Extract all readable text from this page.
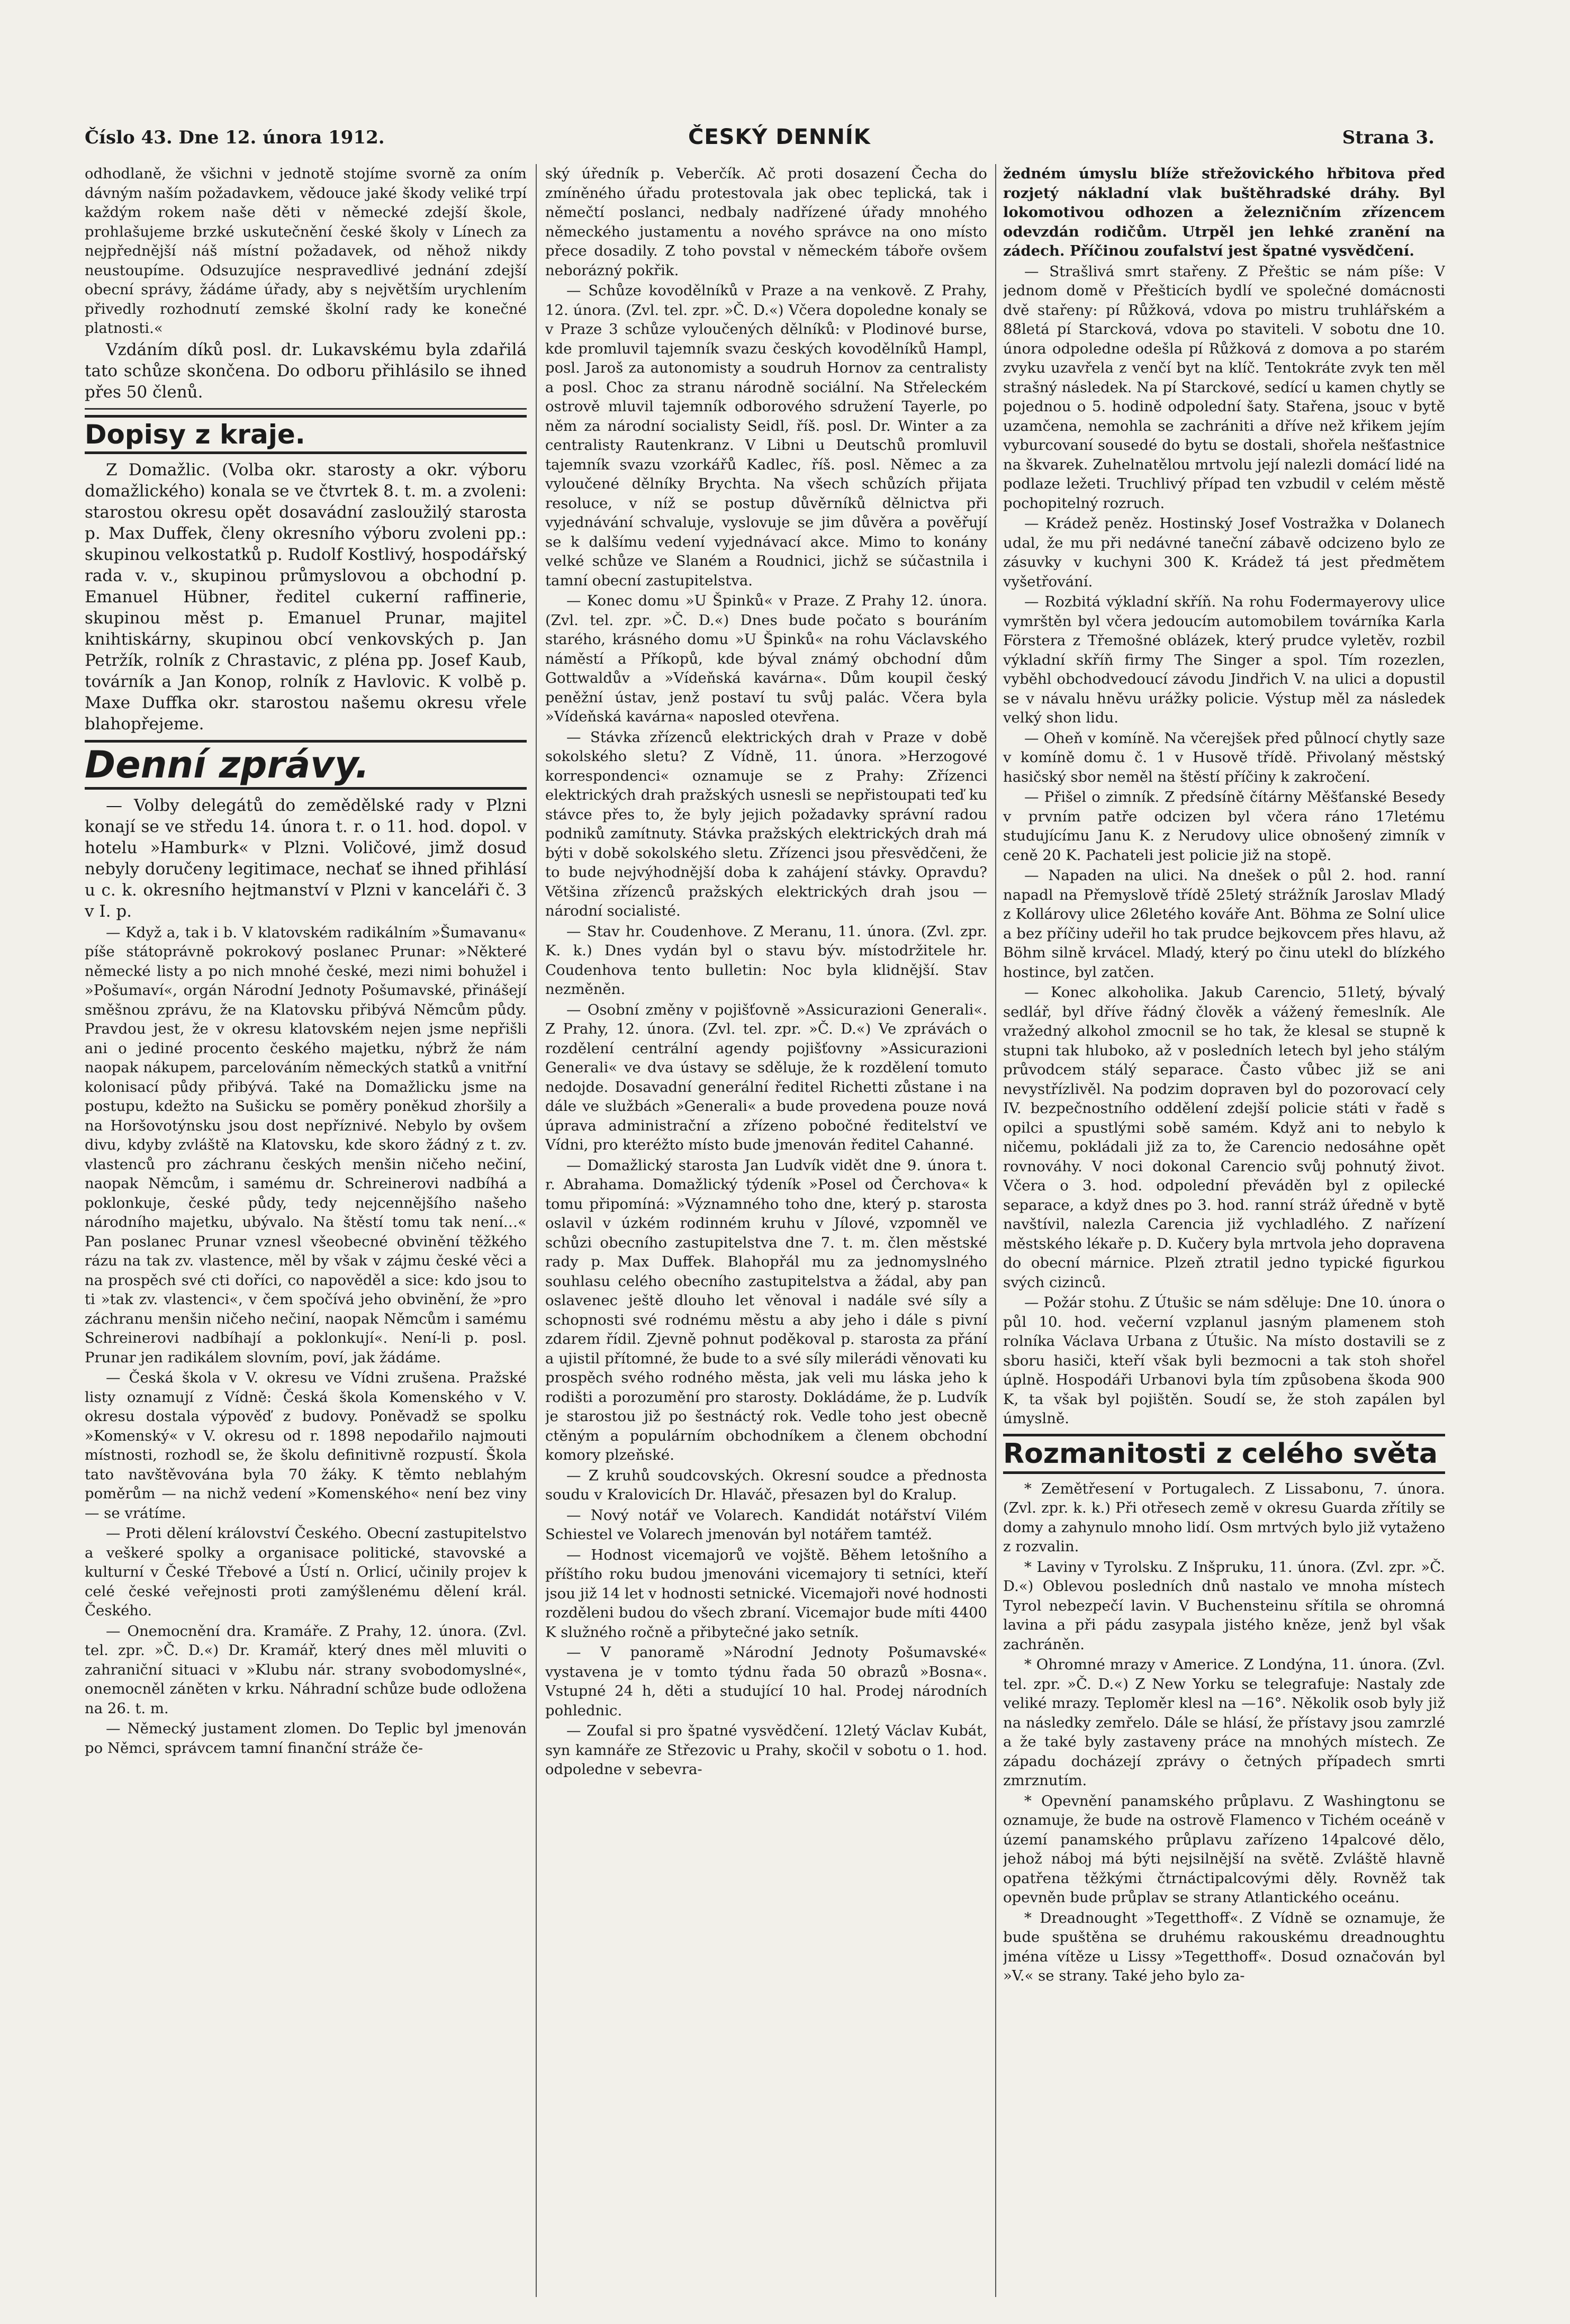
Číslo 43. Dne 12. února 1912.	ČESKÝ DENNÍK	Strana 3.

odhodlaně, že všichni v jednotě stojíme svorně za oním dávným naším požadavkem, vědouce jaké škody veliké trpí každým rokem naše děti v německé zdejší škole, prohlašujeme brzké uskutečnění české školy v Línech za nejpřednější náš místní požadavek, od něhož nikdy neustoupíme. Odsuzujíce nespravedlivé jednání zdejší obecní správy, žádáme úřady, aby s největším urychlením přivedly rozhodnutí zemské školní rady ke konečné platnosti.«

Vzdáním díků posl. dr. Lukavskému byla zdařilá tato schůze skončena. Do odboru přihlásilo se ihned přes 50 členů.

Dopisy z kraje.

Z Domažlic. (Volba okr. starosty a okr. výboru domažlického) konala se ve čtvrtek 8. t. m. a zvoleni: starostou okresu opět dosavádní zasloužilý starosta p. Max Duffek, členy okresního výboru zvoleni pp.: skupinou velkostatků p. Rudolf Kostlivý, hospodářský rada v. v., skupinou průmyslovou a obchodní p. Emanuel Hübner, ředitel cukerní raffinerie, skupinou měst p. Emanuel Prunar, majitel knihtiskárny, skupinou obcí venkovských p. Jan Petržík, rolník z Chrastavic, z pléna pp. Josef Kaub, továrník a Jan Konop, rolník z Havlovic. K volbě p. Maxe Duffka okr. starostou našemu okresu vřele blahopřejeme.

Denní zprávy.

— Volby delegátů do zemědělské rady v Plzni konají se ve středu 14. února t. r. o 11. hod. dopol. v hotelu »Hamburk« v Plzni. Voličové, jimž dosud nebyly doručeny legitimace, nechať se ihned přihlásí u c. k. okresního hejtmanství v Plzni v kanceláři č. 3 v I. p.

— Když a, tak i b. V klatovském radikálním »Šumavanu« píše státoprávně pokrokový poslanec Prunar: »Některé německé listy a po nich mnohé české, mezi nimi bohužel i »Pošumaví«, orgán Národní Jednoty Pošumavské, přinášejí směšnou zprávu, že na Klatovsku přibývá Němcům půdy. Pravdou jest, že v okresu klatovském nejen jsme nepřišli ani o jediné procento českého majetku, nýbrž že nám naopak nákupem, parcelováním německých statků a vnitřní kolonisací půdy přibývá. Také na Domažlicku jsme na postupu, kdežto na Sušicku se poměry poněkud zhoršily a na Horšovotýnsku jsou dost nepříznivé. Nebylo by ovšem divu, kdyby zvláště na Klatovsku, kde skoro žádný z t. zv. vlastenců pro záchranu českých menšin ničeho nečiní, naopak Němcům, i samému dr. Schreinerovi nadbíhá a poklonkuje, české půdy, tedy nejcennějšího našeho národního majetku, ubývalo. Na štěstí tomu tak není…« Pan poslanec Prunar vznesl všeobecné obvinění těžkého rázu na tak zv. vlastence, měl by však v zájmu české věci a na prospěch své cti doříci, co napověděl a sice: kdo jsou to ti »tak zv. vlastenci«, v čem spočívá jeho obvinění, že »pro záchranu menšin ničeho nečiní, naopak Němcům i samému Schreinerovi nadbíhají a poklonkují«. Není-li p. posl. Prunar jen radikálem slovním, poví, jak žádáme.

— Česká škola v V. okresu ve Vídni zrušena. Pražské listy oznamují z Vídně: Česká škola Komenského v V. okresu dostala výpověď z budovy. Poněvadž se spolku »Komenský« v V. okresu od r. 1898 nepodařilo najmouti místnosti, rozhodl se, že školu definitivně rozpustí. Škola tato navštěvována byla 70 žáky. K těmto neblahým poměrům — na nichž vedení »Komenského« není bez viny — se vrátíme.

— Proti dělení království Českého. Obecní zastupitelstvo a veškeré spolky a organisace politické, stavovské a kulturní v České Třebové a Ústí n. Orlicí, učinily projev k celé české veřejnosti proti zamýšlenému dělení král. Českého.

— Onemocnění dra. Kramáře. Z Prahy, 12. února. (Zvl. tel. zpr. »Č. D.«) Dr. Kramář, který dnes měl mluviti o zahraniční situaci v »Klubu nár. strany svobodomyslné«, onemocněl záněten v krku. Náhradní schůze bude odložena na 26. t. m.

— Německý justament zlomen. Do Teplic byl jmenován po Němci, správcem tamní finanční stráže če-

ský úředník p. Veberčík. Ač proti dosazení Čecha do zmíněného úřadu protestovala jak obec teplická, tak i němečtí poslanci, nedbaly nadřízené úřady mnohého německého justamentu a nového správce na ono místo přece dosadily. Z toho povstal v německém táboře ovšem neborázný pokřik.

— Schůze kovodělníků v Praze a na venkově. Z Prahy, 12. února. (Zvl. tel. zpr. »Č. D.«) Včera dopoledne konaly se v Praze 3 schůze vyloučených dělníků: v Plodinové burse, kde promluvil tajemník svazu českých kovodělníků Hampl, posl. Jaroš za autonomisty a soudruh Hornov za centralisty a posl. Choc za stranu národně sociální. Na Střeleckém ostrově mluvil tajemník odborového sdružení Tayerle, po něm za národní socialisty Seidl, říš. posl. Dr. Winter a za centralisty Rautenkranz. V Libni u Deutschů promluvil tajemník svazu vzorkářů Kadlec, říš. posl. Němec a za vyloučené dělníky Brychta. Na všech schůzích přijata resoluce, v níž se postup důvěrníků dělnictva při vyjednávání schvaluje, vyslovuje se jim důvěra a pověřují se k dalšímu vedení vyjednávací akce. Mimo to konány velké schůze ve Slaném a Roudnici, jichž se súčastnila i tamní obecní zastupitelstva.

— Konec domu »U Špinků« v Praze. Z Prahy 12. února. (Zvl. tel. zpr. »Č. D.«) Dnes bude počato s bouráním starého, krásného domu »U Špinků« na rohu Václavského náměstí a Příkopů, kde býval známý obchodní dům Gottwaldův a »Vídeňská kavárna«. Dům koupil český peněžní ústav, jenž postaví tu svůj palác. Včera byla »Vídeňská kavárna« naposled otevřena.

— Stávka zřízenců elektrických drah v Praze v době sokolského sletu? Z Vídně, 11. února. »Herzogové korrespondenci« oznamuje se z Prahy: Zřízenci elektrických drah pražských usnesli se nepřistoupati teď ku stávce přes to, že byly jejich požadavky správní radou podniků zamítnuty. Stávka pražských elektrických drah má býti v době sokolského sletu. Zřízenci jsou přesvědčeni, že to bude nejvýhodnější doba k zahájení stávky. Opravdu? Většina zřízenců pražských elektrických drah jsou — národní socialisté.

— Stav hr. Coudenhove. Z Meranu, 11. února. (Zvl. zpr. K. k.) Dnes vydán byl o stavu býv. místodržitele hr. Coudenhova tento bulletin: Noc byla klidnější. Stav nezměněn.

— Osobní změny v pojišťovně »Assicurazioni Generali«. Z Prahy, 12. února. (Zvl. tel. zpr. »Č. D.«) Ve zprávách o rozdělení centrální agendy pojišťovny »Assicurazioni Generali« ve dva ústavy se sděluje, že k rozdělení tomuto nedojde. Dosavadní generální ředitel Richetti zůstane i na dále ve službách »Generali« a bude provedena pouze nová úprava administrační a zřízeno pobočné ředitelství ve Vídni, pro kteréžto místo bude jmenován ředitel Cahanné.

— Domažlický starosta Jan Ludvík vidět dne 9. února t. r. Abrahama. Domažlický týdeník »Posel od Čerchova« k tomu připomíná: »Významného toho dne, který p. starosta oslavil v úzkém rodinném kruhu v Jílové, vzpomněl ve schůzi obecního zastupitelstva dne 7. t. m. člen městské rady p. Max Duffek. Blahopřál mu za jednomyslného souhlasu celého obecního zastupitelstva a žádal, aby pan oslavenec ještě dlouho let věnoval i nadále své síly a schopnosti své rodnému městu a aby jeho i dále s pivní zdarem řídil. Zjevně pohnut poděkoval p. starosta za přání a ujistil přítomné, že bude to a své síly milerádi věnovati ku prospěch svého rodného města, jak veli mu láska jeho k rodišti a porozumění pro starosty. Dokládáme, že p. Ludvík je starostou již po šestnáctý rok. Vedle toho jest obecně ctěným a populárním obchodníkem a členem obchodní komory plzeňské.

— Z kruhů soudcovských. Okresní soudce a přednosta soudu v Kralovicích Dr. Hlaváč, přesazen byl do Kralup.

— Nový notář ve Volarech. Kandidát notářství Vilém Schiestel ve Volarech jmenován byl notářem tamtéž.

— Hodnost vicemajorů ve vojště. Během letošního a příštího roku budou jmenováni vicemajory ti setníci, kteří jsou již 14 let v hodnosti setnické. Vicemajoři nové hodnosti rozděleni budou do všech zbraní. Vicemajor bude míti 4400 K služného ročně a přibytečné jako setník.

— V panoramě »Národní Jednoty Pošumavské« vystavena je v tomto týdnu řada 50 obrazů »Bosna«. Vstupné 24 h, děti a studující 10 hal. Prodej národních pohlednic.

— Zoufal si pro špatné vysvědčení. 12letý Václav Kubát, syn kamnáře ze Střezovic u Prahy, skočil v sobotu o 1. hod. odpoledne v sebevra-

žedném úmyslu blíže střežovického hřbitova před rozjetý nákladní vlak buštěhradské dráhy. Byl lokomotivou odhozen a železničním zřízencem odevzdán rodičům. Utrpěl jen lehké zranění na zádech. Příčinou zoufalství jest špatné vysvědčení.

— Strašlivá smrt stařeny. Z Přeštic se nám píše: V jednom domě v Přešticích bydlí ve společné domácnosti dvě stařeny: pí Růžková, vdova po mistru truhlářském a 88letá pí Starcková, vdova po staviteli. V sobotu dne 10. února odpoledne odešla pí Růžková z domova a po starém zvyku uzavřela z venčí byt na klíč. Tentokráte zvyk ten měl strašný následek. Na pí Starckové, sedící u kamen chytly se pojednou o 5. hodině odpolední šaty. Stařena, jsouc v bytě uzamčena, nemohla se zachrániti a dříve než křikem jejím vyburcovaní sousedé do bytu se dostali, shořela nešťastnice na škvarek. Zuhelnatělou mrtvolu její nalezli domácí lidé na podlaze ležeti. Truchlivý případ ten vzbudil v celém městě pochopitelný rozruch.

— Krádež peněz. Hostinský Josef Vostražka v Dolanech udal, že mu při nedávné taneční zábavě odcizeno bylo ze zásuvky v kuchyni 300 K. Krádež tá jest předmětem vyšetřování.

— Rozbitá výkladní skříň. Na rohu Fodermayerovy ulice vymrštěn byl včera jedoucím automobilem továrníka Karla Förstera z Třemošné oblázek, který prudce vyletěv, rozbil výkladní skříň firmy The Singer a spol. Tím rozezlen, vyběhl obchodvedoucí závodu Jindřich V. na ulici a dopustil se v návalu hněvu urážky policie. Výstup měl za následek velký shon lidu.

— Oheň v komíně. Na včerejšek před půlnocí chytly saze v komíně domu č. 1 v Husově třídě. Přivolaný městský hasičský sbor neměl na štěstí příčiny k zakročení.

— Přišel o zimník. Z předsíně čítárny Měšťanské Besedy v prvním patře odcizen byl včera ráno 17letému studujícímu Janu K. z Nerudovy ulice obnošený zimník v ceně 20 K. Pachateli jest policie již na stopě.

— Napaden na ulici. Na dnešek o půl 2. hod. ranní napadl na Přemyslově třídě 25letý strážník Jaroslav Mladý z Kollárovy ulice 26letého kováře Ant. Böhma ze Solní ulice a bez příčiny udeřil ho tak prudce bejkovcem přes hlavu, až Böhm silně krvácel. Mladý, který po činu utekl do blízkého hostince, byl zatčen.

— Konec alkoholika. Jakub Carencio, 51letý, bývalý sedlář, byl dříve řádný člověk a vážený řemeslník. Ale vražedný alkohol zmocnil se ho tak, že klesal se stupně k stupni tak hluboko, až v posledních letech byl jeho stálým průvodcem stálý separace. Často vůbec již se ani nevystřízlivěl. Na podzim dopraven byl do pozorovací cely IV. bezpečnostního oddělení zdejší policie státi v řadě s opilci a spustlými sobě samém. Když ani to nebylo k ničemu, pokládali již za to, že Carencio nedosáhne opět rovnováhy. V noci dokonal Carencio svůj pohnutý život. Včera o 3. hod. odpolední převáděn byl z opilecké separace, a když dnes po 3. hod. ranní stráž úředně v bytě navštívil, nalezla Carencia již vychladlého. Z nařízení městského lékaře p. D. Kučery byla mrtvola jeho dopravena do obecní márnice. Plzeň ztratil jedno typické figurkou svých cizinců.

— Požár stohu. Z Útušic se nám sděluje: Dne 10. února o půl 10. hod. večerní vzplanul jasným plamenem stoh rolníka Václava Urbana z Útušic. Na místo dostavili se z sboru hasiči, kteří však byli bezmocni a tak stoh shořel úplně. Hospodáři Urbanovi byla tím způsobena škoda 900 K, ta však byl pojištěn. Soudí se, že stoh zapálen byl úmyslně.

Rozmanitosti z celého světa

* Zemětřesení v Portugalech. Z Lissabonu, 7. února. (Zvl. zpr. k. k.) Při otřesech země v okresu Guarda zřítily se domy a zahynulo mnoho lidí. Osm mrtvých bylo již vytaženo z rozvalin.

* Laviny v Tyrolsku. Z Inšpruku, 11. února. (Zvl. zpr. »Č. D.«) Oblevou posledních dnů nastalo ve mnoha místech Tyrol nebezpečí lavin. V Buchensteinu sřítila se ohromná lavina a při pádu zasypala jistého kněze, jenž byl však zachráněn.

* Ohromné mrazy v Americe. Z Londýna, 11. února. (Zvl. tel. zpr. »Č. D.«) Z New Yorku se telegrafuje: Nastaly zde veliké mrazy. Teploměr klesl na —16°. Několik osob byly již na následky zemřelo. Dále se hlásí, že přístavy jsou zamrzlé a že také byly zastaveny práce na mnohých místech. Ze západu docházejí zprávy o četných případech smrti zmrznutím.

* Opevnění panamského průplavu. Z Washingtonu se oznamuje, že bude na ostrově Flamenco v Tichém oceáně v území panamského průplavu zařízeno 14palcové dělo, jehož náboj má býti nejsilnější na světě. Zvláště hlavně opatřena těžkými čtrnáctipalcovými děly. Rovněž tak opevněn bude průplav se strany Atlantického oceánu.

* Dreadnought »Tegetthoff«. Z Vídně se oznamuje, že bude spuštěna se druhému rakouskému dreadnoughtu jména vítěze u Lissy »Tegetthoff«. Dosud označován byl »V.« se strany. Také jeho bylo za-
